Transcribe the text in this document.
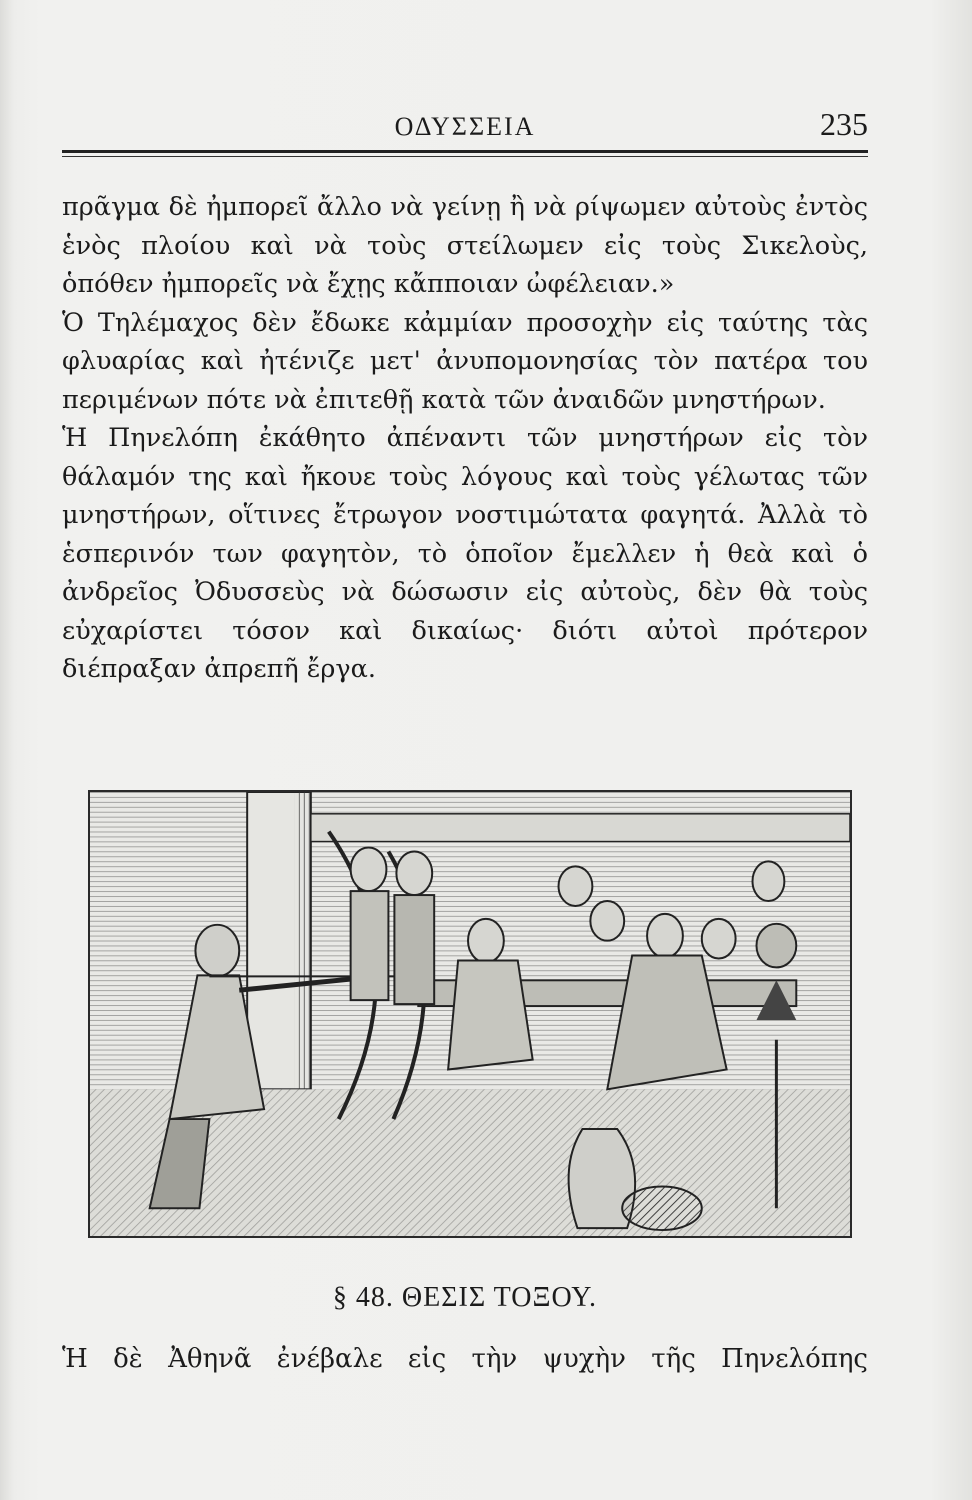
ΟΔΥΣΣΕΙΑ	235

πρᾶγμα δὲ ἠμπορεῖ ἄλλο νὰ γείνῃ ἢ νὰ ρίψωμεν αὐτοὺς ἐντὸς ἑνὸς πλοίου καὶ νὰ τοὺς στείλωμεν εἰς τοὺς Σικελοὺς, ὁπόθεν ἠμπορεῖς νὰ ἔχῃς κἄπποιαν ὠφέλειαν.»

Ὁ Τηλέμαχος δὲν ἔδωκε κἀμμίαν προσοχὴν εἰς ταύτης τὰς φλυαρίας καὶ ἠτένιζε μετ' ἀνυπομονησίας τὸν πατέρα του περιμένων πότε νὰ ἐπιτεθῇ κατὰ τῶν ἀναιδῶν μνηστήρων.

Ἡ Πηνελόπη ἐκάθητο ἀπέναντι τῶν μνηστήρων εἰς τὸν θάλαμόν της καὶ ἤκουε τοὺς λόγους καὶ τοὺς γέλωτας τῶν μνηστήρων, οἵτινες ἔτρωγον νοστιμώτατα φαγητά. Ἀλλὰ τὸ ἑσπερινόν των φαγητὸν, τὸ ὁποῖον ἔμελλεν ἡ θεὰ καὶ ὁ ἀνδρεῖος Ὀδυσσεὺς νὰ δώσωσιν εἰς αὐτοὺς, δὲν θὰ τοὺς εὐχαρίστει τόσον καὶ δικαίως· διότι αὐτοὶ πρότερον διέπραξαν ἀπρεπῆ ἔργα.

§ 48. ΘΕΣΙΣ ΤΟΞΟΥ.
Ἡ δὲ Ἀθηνᾶ ἐνέβαλε εἰς τὴν ψυχὴν τῆς Πηνελόπης
